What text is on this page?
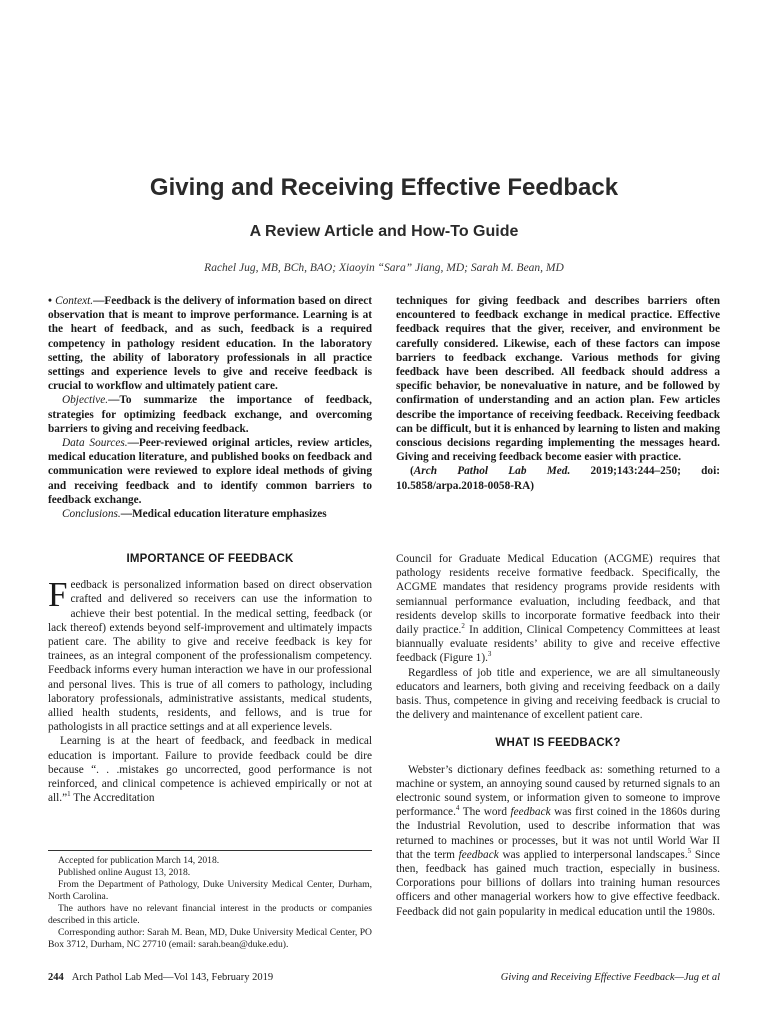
Giving and Receiving Effective Feedback
A Review Article and How-To Guide
Rachel Jug, MB, BCh, BAO; Xiaoyin “Sara” Jiang, MD; Sarah M. Bean, MD

• Context.—Feedback is the delivery of information based on direct observation that is meant to improve performance. Learning is at the heart of feedback, and as such, feedback is a required competency in pathology resident education. In the laboratory setting, the ability of laboratory professionals in all practice settings and experience levels to give and receive feedback is crucial to workflow and ultimately patient care.

Objective.—To summarize the importance of feedback, strategies for optimizing feedback exchange, and overcoming barriers to giving and receiving feedback.

Data Sources.—Peer-reviewed original articles, review articles, medical education literature, and published books on feedback and communication were reviewed to explore ideal methods of giving and receiving feedback and to identify common barriers to feedback exchange.

Conclusions.—Medical education literature emphasizes

techniques for giving feedback and describes barriers often encountered to feedback exchange in medical practice. Effective feedback requires that the giver, receiver, and environment be carefully considered. Likewise, each of these factors can impose barriers to feedback exchange. Various methods for giving feedback have been described. All feedback should address a specific behavior, be nonevaluative in nature, and be followed by confirmation of understanding and an action plan. Few articles describe the importance of receiving feedback. Receiving feedback can be difficult, but it is enhanced by learning to listen and making conscious decisions regarding implementing the messages heard. Giving and receiving feedback become easier with practice.

(Arch Pathol Lab Med. 2019;143:244–250; doi: 10.5858/arpa.2018-0058-RA)

IMPORTANCE OF FEEDBACK

Feedback is personalized information based on direct observation crafted and delivered so receivers can use the information to achieve their best potential. In the medical setting, feedback (or lack thereof) extends beyond self-improvement and ultimately impacts patient care. The ability to give and receive feedback is key for trainees, as an integral component of the professionalism competency. Feedback informs every human interaction we have in our professional and personal lives. This is true of all comers to pathology, including laboratory professionals, administrative assistants, medical students, allied health students, residents, and fellows, and is true for pathologists in all practice settings and at all experience levels.

Learning is at the heart of feedback, and feedback in medical education is important. Failure to provide feedback could be dire because “. . .mistakes go uncorrected, good performance is not reinforced, and clinical competence is achieved empirically or not at all.”$^1$ The Accreditation

Accepted for publication March 14, 2018.

Published online August 13, 2018.

From the Department of Pathology, Duke University Medical Center, Durham, North Carolina.

The authors have no relevant financial interest in the products or companies described in this article.

Corresponding author: Sarah M. Bean, MD, Duke University Medical Center, PO Box 3712, Durham, NC 27710 (email: sarah.bean@duke.edu).

Council for Graduate Medical Education (ACGME) requires that pathology residents receive formative feedback. Specifically, the ACGME mandates that residency programs provide residents with semiannual performance evaluation, including feedback, and that residents develop skills to incorporate formative feedback into their daily practice.$^2$ In addition, Clinical Competency Committees at least biannually evaluate residents’ ability to give and receive effective feedback (Figure 1).$^3$

Regardless of job title and experience, we are all simultaneously educators and learners, both giving and receiving feedback on a daily basis. Thus, competence in giving and receiving feedback is crucial to the delivery and maintenance of excellent patient care.

WHAT IS FEEDBACK?

Webster’s dictionary defines feedback as: something returned to a machine or system, an annoying sound caused by returned signals to an electronic sound system, or information given to someone to improve performance.$^4$ The word feedback was first coined in the 1860s during the Industrial Revolution, used to describe information that was returned to machines or processes, but it was not until World War II that the term feedback was applied to interpersonal landscapes.$^5$ Since then, feedback has gained much traction, especially in business. Corporations pour billions of dollars into training human resources officers and other managerial workers how to give effective feedback. Feedback did not gain popularity in medical education until the 1980s.

244 Arch Pathol Lab Med—Vol 143, February 2019	Giving and Receiving Effective Feedback—Jug et al
